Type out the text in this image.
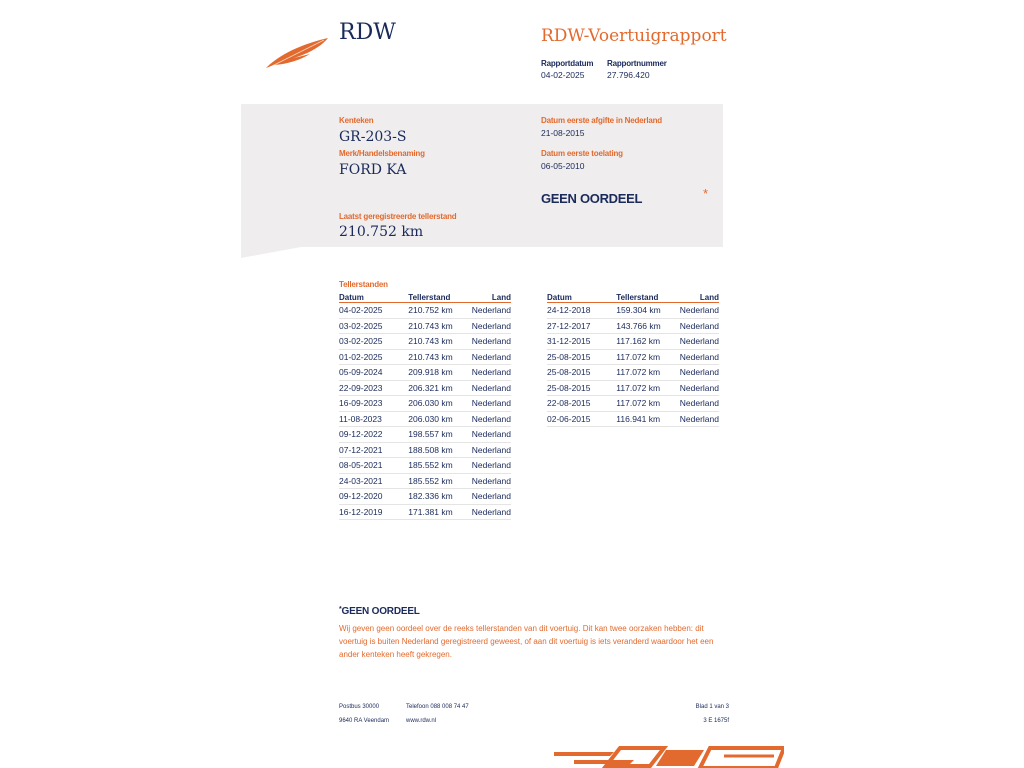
RDW	RDW-Voertuigrapport
Rapportdatum
04-02-2025
Rapportnummer
27.796.420
Kenteken
GR-203-S
Merk/Handelsbenaming
FORD KA
Laatst geregistreerde tellerstand
210.752 km
Datum eerste afgifte in Nederland
21-08-2015
Datum eerste toelating
06-05-2010
GEEN OORDEEL	*
Tellerstanden
Datum	Tellerstand	Land
04-02-2025	210.752 km	Nederland
03-02-2025	210.743 km	Nederland
03-02-2025	210.743 km	Nederland
01-02-2025	210.743 km	Nederland
05-09-2024	209.918 km	Nederland
22-09-2023	206.321 km	Nederland
16-09-2023	206.030 km	Nederland
11-08-2023	206.030 km	Nederland
09-12-2022	198.557 km	Nederland
07-12-2021	188.508 km	Nederland
08-05-2021	185.552 km	Nederland
24-03-2021	185.552 km	Nederland
09-12-2020	182.336 km	Nederland
16-12-2019	171.381 km	Nederland
Datum	Tellerstand	Land
24-12-2018	159.304 km	Nederland
27-12-2017	143.766 km	Nederland
31-12-2015	117.162 km	Nederland
25-08-2015	117.072 km	Nederland
25-08-2015	117.072 km	Nederland
25-08-2015	117.072 km	Nederland
22-08-2015	117.072 km	Nederland
02-06-2015	116.941 km	Nederland
*GEEN OORDEEL
Wij geven geen oordeel over de reeks tellerstanden van dit voertuig. Dit kan twee oorzaken hebben: dit voertuig is buiten Nederland geregistreerd geweest, of aan dit voertuig is iets veranderd waardoor het een ander kenteken heeft gekregen.
Postbus 30000
9640 RA Veendam
Telefoon 088 008 74 47
www.rdw.nl
Blad 1 van 3
3 E 1675f
